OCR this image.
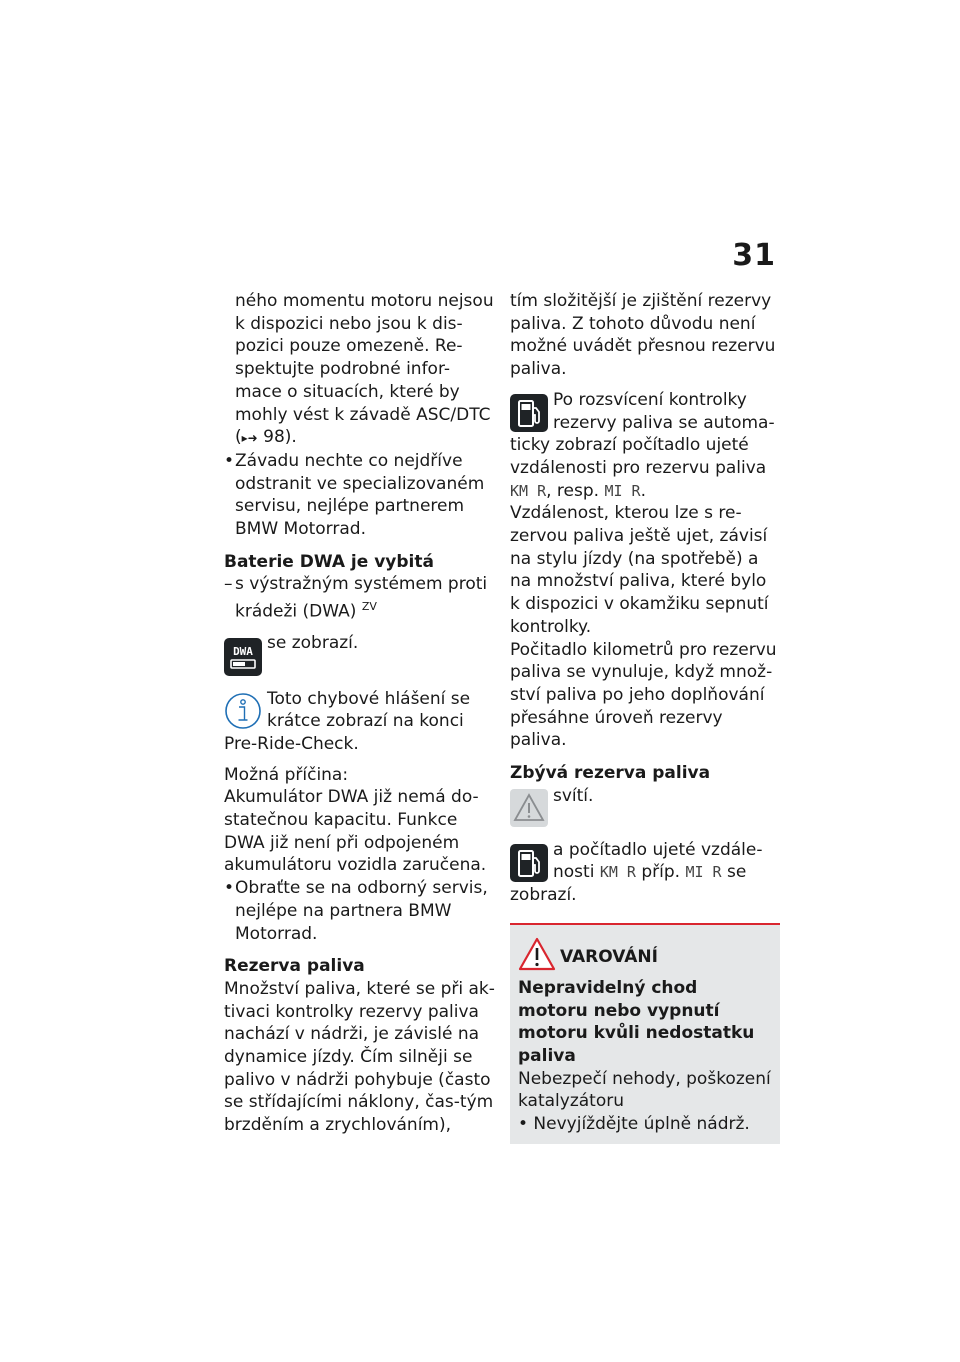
31

ného momentu motoru nejsou k dispozici nebo jsou k dis-pozici pouze omezeně. Re-spektujte podrobné infor-mace o situacích, které by mohly vést k závadě ASC/DTC (▸➜ 98).

• Závadu nechte co nejdříve odstranit ve specializovaném servisu, nejlépe partnerem BMW Motorrad.

Baterie DWA je vybitá

– s výstražným systémem proti krádeži (DWA) $^{ZV}$

DWA se zobrazí.

Toto chybové hlášení se

krátce zobrazí na konci

Pre-Ride-Check.

Možná příčina:

Akumulátor DWA již nemá do-statečnou kapacitu. Funkce DWA již není při odpojeném akumulátoru vozidla zaručena.

• Obraťte se na odborný servis, nejlépe na partnera BMW Motorrad.

Rezerva paliva

Množství paliva, které se při ak-tivaci kontrolky rezervy paliva nachází v nádrži, je závislé na dynamice jízdy. Čím silněji se palivo v nádrži pohybuje (často se střídajícími náklony, čas-tým brzděním a zrychlováním),

tím složitější je zjištění rezervy paliva. Z tohoto důvodu není možné uvádět přesnou rezervu paliva.

Po rozsvícení kontrolky

rezervy paliva se automa-

ticky zobrazí počítadlo ujeté vzdálenosti pro rezervu paliva KM R, resp. MI R.

Vzdálenost, kterou lze s re-zervou paliva ještě ujet, závisí na stylu jízdy (na spotřebě) a na množství paliva, které bylo k dispozici v okamžiku sepnutí kontrolky.

Počitadlo kilometrů pro rezervu paliva se vynuluje, když množ-ství paliva po jeho doplňování přesáhne úroveň rezervy paliva.

Zbývá rezerva paliva

svítí.

a počítadlo ujeté vzdále-

nosti KM R příp. MI R se

zobrazí.

VAROVÁNÍ

Nepravidelný chod motoru nebo vypnutí motoru kvůli nedostatku paliva

Nebezpečí nehody, poškození katalyzátoru

• Nevyjíždějte úplně nádrž.
